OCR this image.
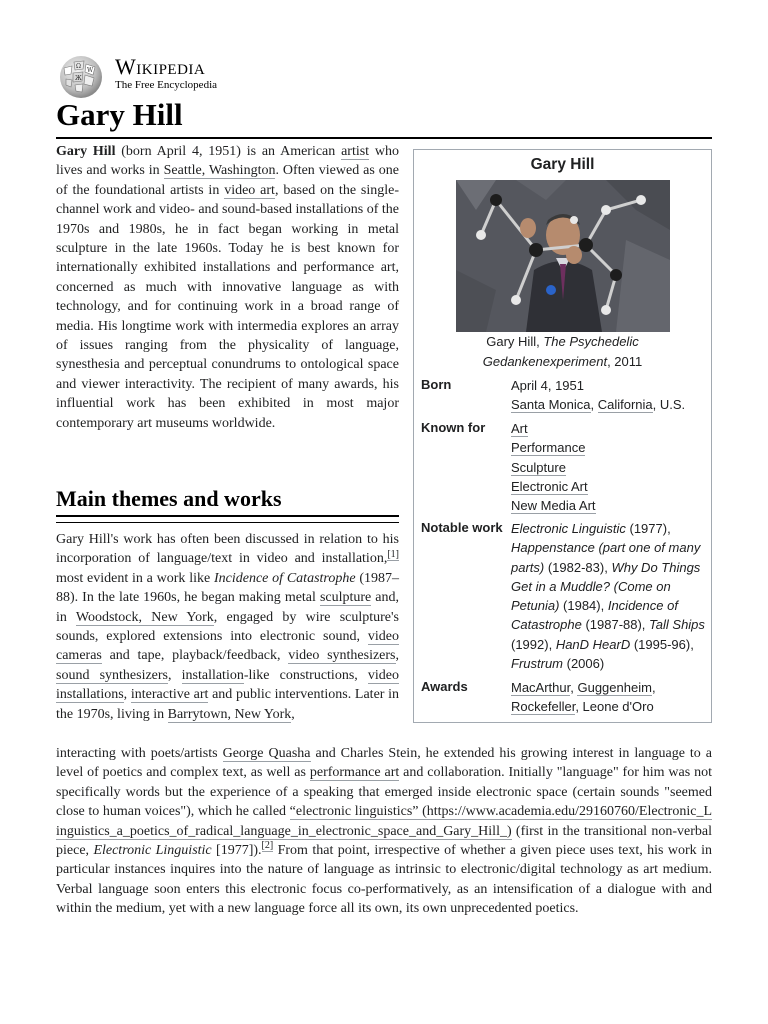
Ω
W
Ж Wikipedia
The Free Encyclopedia
Gary Hill

Gary Hill (born April 4, 1951) is an American artist who lives and works in Seattle, Washington. Often viewed as one of the foundational artists in video art, based on the single-channel work and video- and sound-based installations of the 1970s and 1980s, he in fact began working in metal sculpture in the late 1960s. Today he is best known for internationally exhibited installations and performance art, concerned as much with innovative language as with technology, and for continuing work in a broad range of media. His longtime work with intermedia explores an array of issues ranging from the physicality of language, synesthesia and perceptual conundrums to ontological space and viewer interactivity. The recipient of many awards, his influential work has been exhibited in most major contemporary art museums worldwide.

Main themes and works

Gary Hill's work has often been discussed in relation to his incorporation of language/text in video and installation,[1] most evident in a work like Incidence of Catastrophe (1987–88). In the late 1960s, he began making metal sculpture and, in Woodstock, New York, engaged by wire sculpture's sounds, explored extensions into electronic sound, video cameras and tape, playback/feedback, video synthesizers, sound synthesizers, installation-like constructions, video installations, interactive art and public interventions. Later in the 1970s, living in Barrytown, New York,

interacting with poets/artists George Quasha and Charles Stein, he extended his growing interest in language to a level of poetics and complex text, as well as performance art and collaboration. Initially "language" for him was not specifically words but the experience of a speaking that emerged inside electronic space (certain sounds "seemed close to human voices"), which he called “electronic linguistics” (https://www.academia.edu/29160760/Electronic_Linguistics_a_poetics_of_radical_language_in_electronic_space_and_Gary_Hill_) (first in the transitional non-verbal piece, Electronic Linguistic [1977]).[2] From that point, irrespective of whether a given piece uses text, his work in particular instances inquires into the nature of language as intrinsic to electronic/digital technology as art medium. Verbal language soon enters this electronic focus co-performatively, as an intensification of a dialogue with and within the medium, yet with a new language force all its own, its own unprecedented poetics.

Gary Hill
Gary Hill, The Psychedelic Gedankenexperiment, 2011
Born	April 4, 1951
Santa Monica, California, U.S.
Known for Art
Performance
Sculpture
Electronic Art
New Media Art
Notable work Electronic Linguistic (1977), Happenstance (part one of many parts) (1982-83), Why Do Things Get in a Muddle? (Come on Petunia) (1984), Incidence of Catastrophe (1987-88), Tall Ships (1992), HanD HearD (1995-96), Frustrum (2006)
Awards	MacArthur, Guggenheim,
Rockefeller, Leone d'Oro
